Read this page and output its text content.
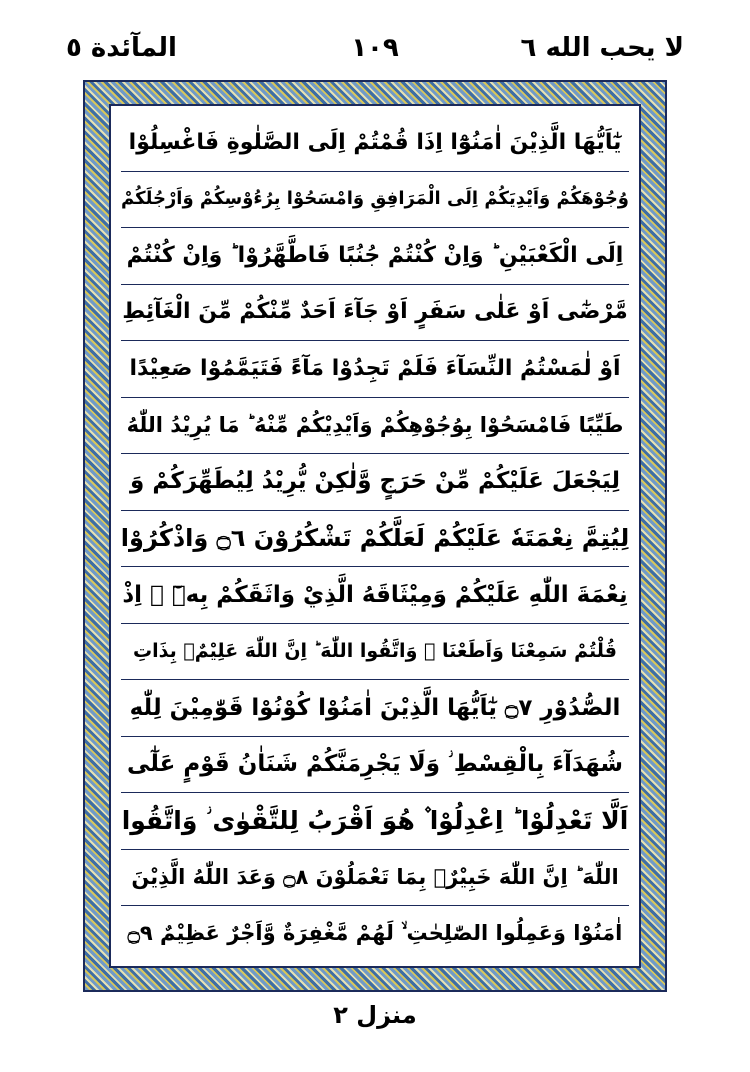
المآئدة ٥	١٠٩	لا يحب الله ٦
يٰٓاَيُّهَا الَّذِيْنَ اٰمَنُوْٓا اِذَا قُمْتُمْ اِلَى الصَّلٰوةِ فَاغْسِلُوْا
وُجُوْهَكُمْ وَاَيْدِيَكُمْ اِلَى الْمَرَافِقِ وَامْسَحُوْا بِرُءُوْسِكُمْ وَاَرْجُلَكُمْ
اِلَى الْكَعْبَيْنِ ؕ وَاِنْ كُنْتُمْ جُنُبًا فَاطَّهَّرُوْا ؕ وَاِنْ كُنْتُمْ
مَّرْضٰٓى اَوْ عَلٰى سَفَرٍ اَوْ جَآءَ اَحَدٌ مِّنْكُمْ مِّنَ الْغَآئِطِ
اَوْ لٰمَسْتُمُ النِّسَآءَ فَلَمْ تَجِدُوْا مَآءً فَتَيَمَّمُوْا صَعِيْدًا
طَيِّبًا فَامْسَحُوْا بِوُجُوْهِكُمْ وَاَيْدِيْكُمْ مِّنْهُ ؕ مَا يُرِيْدُ اللّٰهُ
لِيَجْعَلَ عَلَيْكُمْ مِّنْ حَرَجٍ وَّلٰكِنْ يُّرِيْدُ لِيُطَهِّرَكُمْ وَ
لِيُتِمَّ نِعْمَتَهٗ عَلَيْكُمْ لَعَلَّكُمْ تَشْكُرُوْنَ ۝٦ وَاذْكُرُوْا
نِعْمَةَ اللّٰهِ عَلَيْكُمْ وَمِيْثَاقَهُ الَّذِيْ وَاثَقَكُمْ بِهٖٓ ۙ اِذْ
قُلْتُمْ سَمِعْنَا وَاَطَعْنَا ؗ وَاتَّقُوا اللّٰهَ ؕ اِنَّ اللّٰهَ عَلِيْمٌۢ بِذَاتِ
الصُّدُوْرِ ۝٧ يٰٓاَيُّهَا الَّذِيْنَ اٰمَنُوْا كُوْنُوْا قَوّٰمِيْنَ لِلّٰهِ
شُهَدَآءَ بِالْقِسْطِ ؗ وَلَا يَجْرِمَنَّكُمْ شَنَاٰنُ قَوْمٍ عَلٰٓى
اَلَّا تَعْدِلُوْا ؕ اِعْدِلُوْا ۫ هُوَ اَقْرَبُ لِلتَّقْوٰى ؗ وَاتَّقُوا
اللّٰهَ ؕ اِنَّ اللّٰهَ خَبِيْرٌۢ بِمَا تَعْمَلُوْنَ ۝٨ وَعَدَ اللّٰهُ الَّذِيْنَ
اٰمَنُوْا وَعَمِلُوا الصّٰلِحٰتِ ۙ لَهُمْ مَّغْفِرَةٌ وَّاَجْرٌ عَظِيْمٌ ۝٩
منزل ٢
